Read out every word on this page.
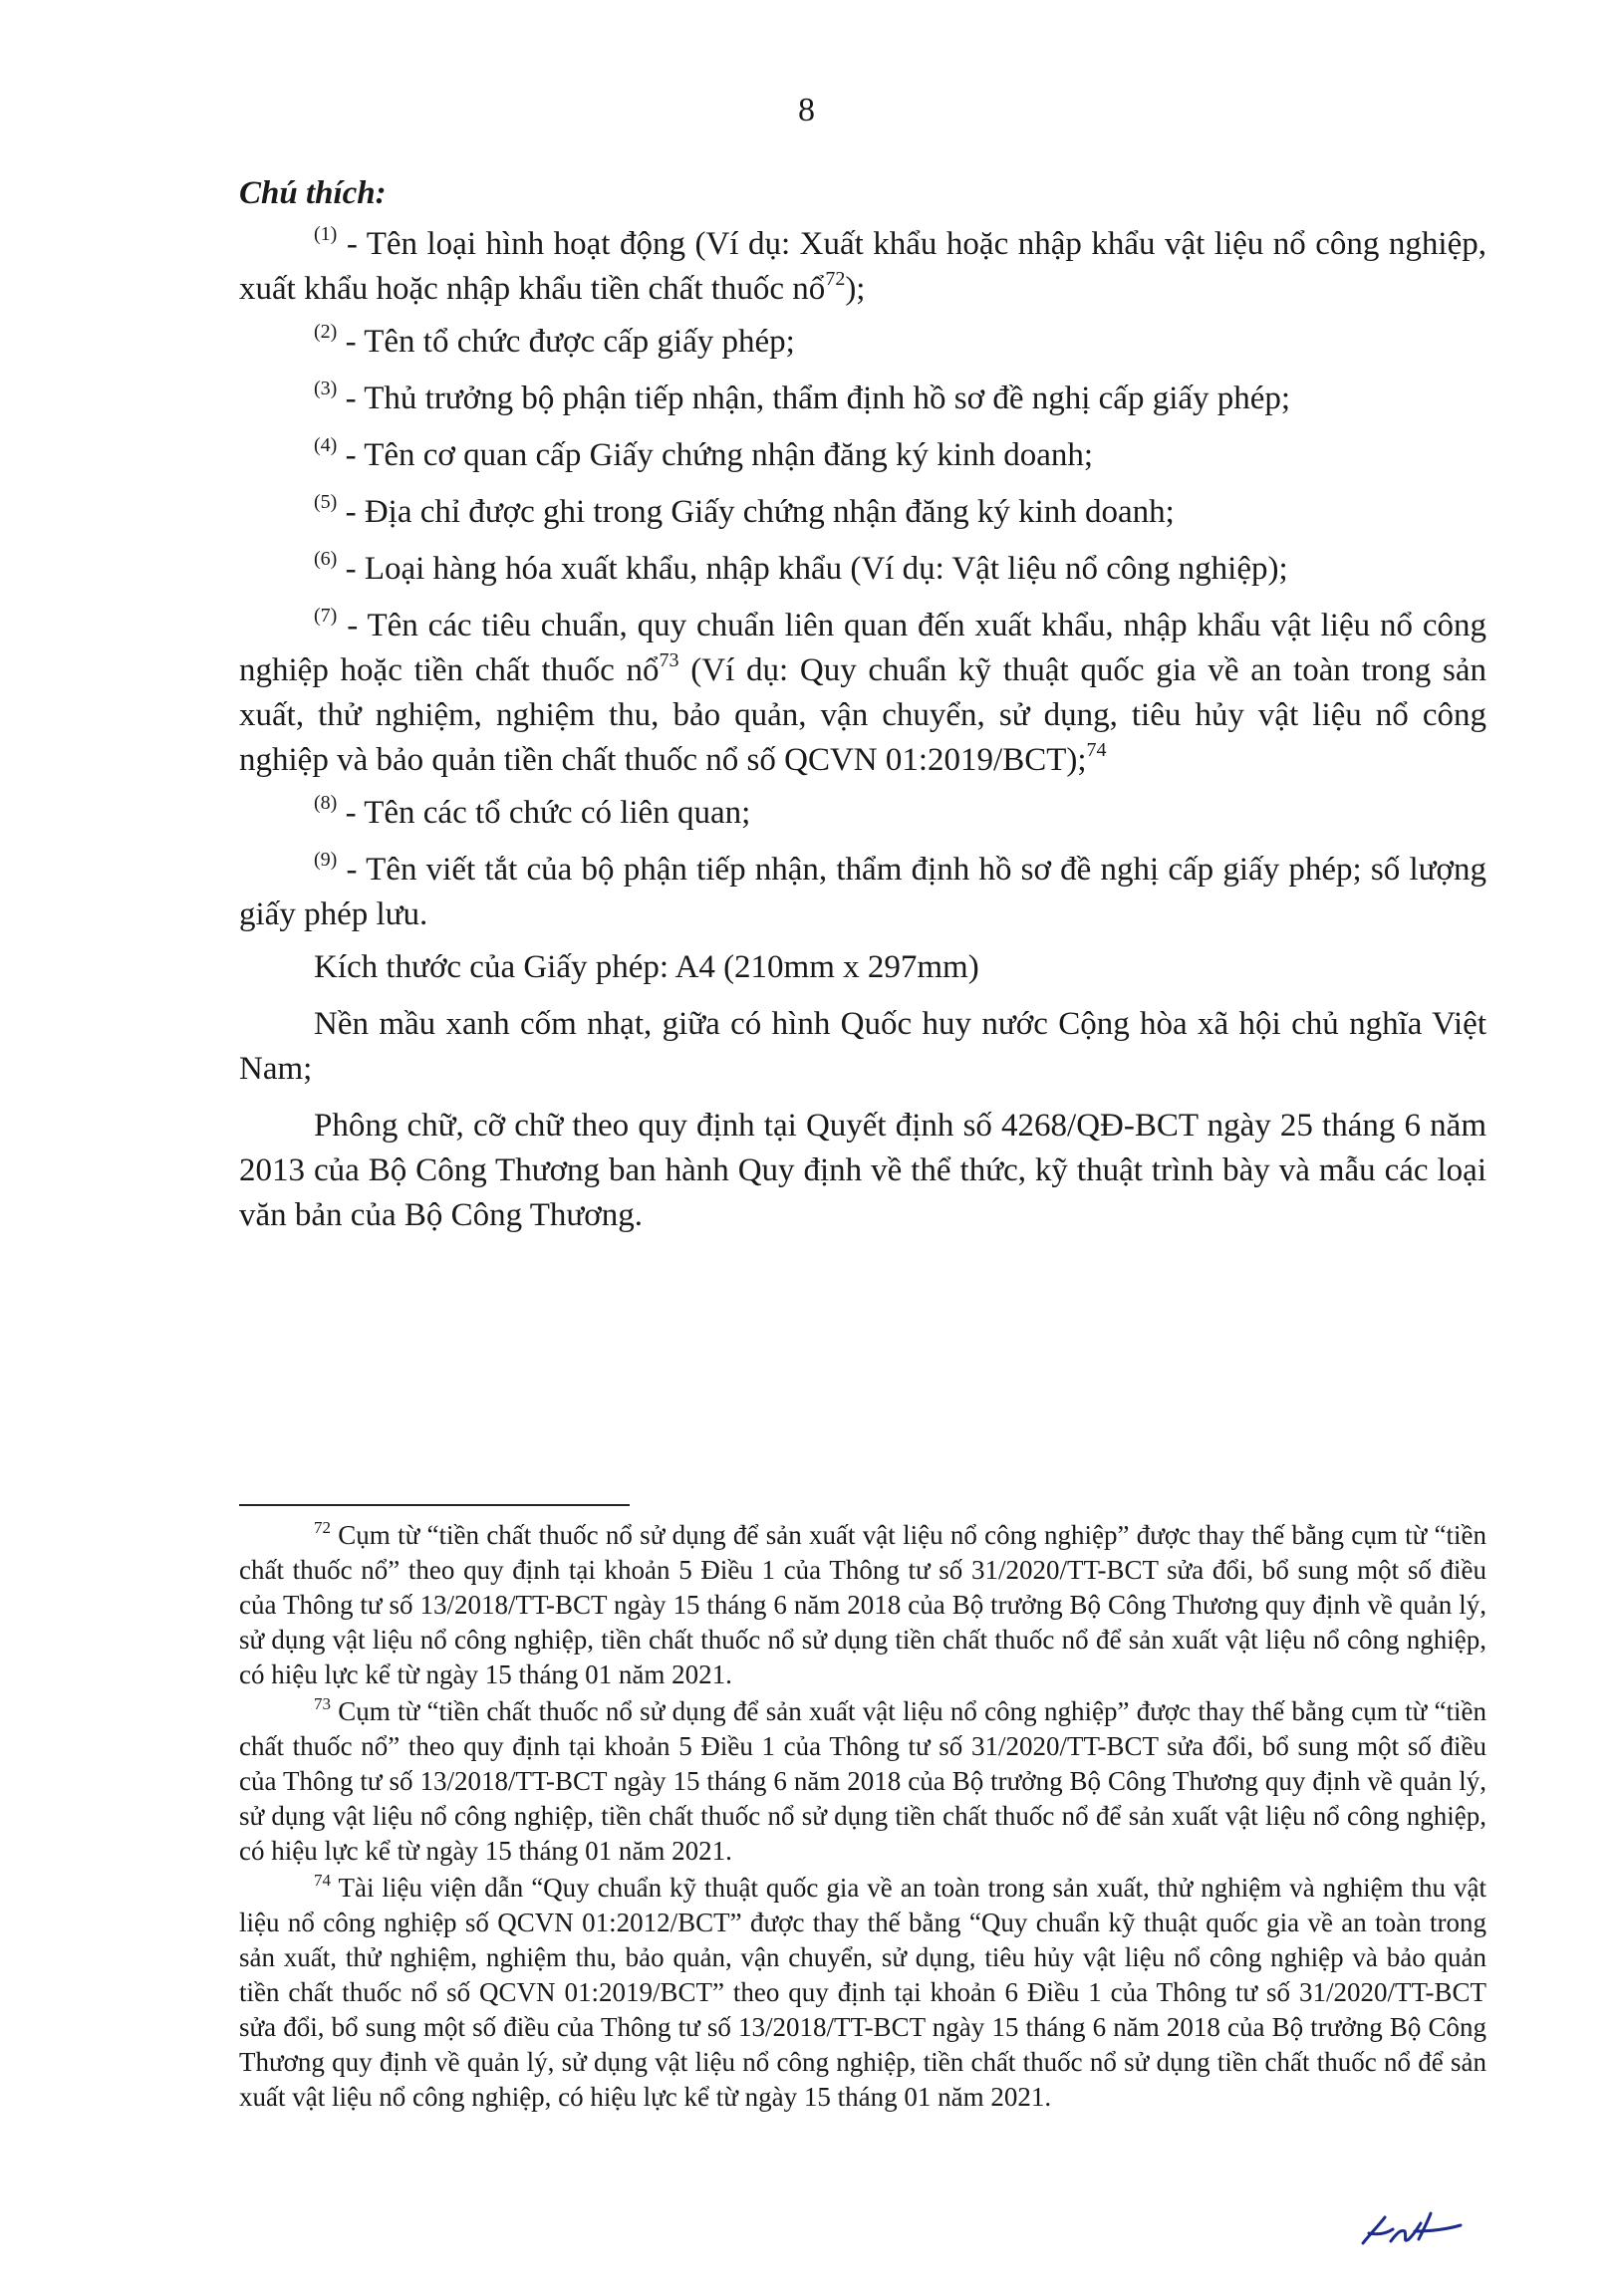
8
Chú thích:
$^{(1)}$ - Tên loại hình hoạt động (Ví dụ: Xuất khẩu hoặc nhập khẩu vật liệu nổ công nghiệp, xuất khẩu hoặc nhập khẩu tiền chất thuốc nổ$^{72}$);
$^{(2)}$ - Tên tổ chức được cấp giấy phép;
$^{(3)}$ - Thủ trưởng bộ phận tiếp nhận, thẩm định hồ sơ đề nghị cấp giấy phép;
$^{(4)}$ - Tên cơ quan cấp Giấy chứng nhận đăng ký kinh doanh;
$^{(5)}$ - Địa chỉ được ghi trong Giấy chứng nhận đăng ký kinh doanh;
$^{(6)}$ - Loại hàng hóa xuất khẩu, nhập khẩu (Ví dụ: Vật liệu nổ công nghiệp);
$^{(7)}$ - Tên các tiêu chuẩn, quy chuẩn liên quan đến xuất khẩu, nhập khẩu vật liệu nổ công nghiệp hoặc tiền chất thuốc nổ$^{73}$ (Ví dụ: Quy chuẩn kỹ thuật quốc gia về an toàn trong sản xuất, thử nghiệm, nghiệm thu, bảo quản, vận chuyển, sử dụng, tiêu hủy vật liệu nổ công nghiệp và bảo quản tiền chất thuốc nổ số QCVN 01:2019/BCT);$^{74}$
$^{(8)}$ - Tên các tổ chức có liên quan;
$^{(9)}$ - Tên viết tắt của bộ phận tiếp nhận, thẩm định hồ sơ đề nghị cấp giấy phép; số lượng giấy phép lưu.
Kích thước của Giấy phép: A4 (210mm x 297mm)
Nền mầu xanh cốm nhạt, giữa có hình Quốc huy nước Cộng hòa xã hội chủ nghĩa Việt Nam;
Phông chữ, cỡ chữ theo quy định tại Quyết định số 4268/QĐ-BCT ngày 25 tháng 6 năm 2013 của Bộ Công Thương ban hành Quy định về thể thức, kỹ thuật trình bày và mẫu các loại văn bản của Bộ Công Thương.
$^{72}$ Cụm từ “tiền chất thuốc nổ sử dụng để sản xuất vật liệu nổ công nghiệp” được thay thế bằng cụm từ “tiền chất thuốc nổ” theo quy định tại khoản 5 Điều 1 của Thông tư số 31/2020/TT-BCT sửa đổi, bổ sung một số điều của Thông tư số 13/2018/TT-BCT ngày 15 tháng 6 năm 2018 của Bộ trưởng Bộ Công Thương quy định về quản lý, sử dụng vật liệu nổ công nghiệp, tiền chất thuốc nổ sử dụng tiền chất thuốc nổ để sản xuất vật liệu nổ công nghiệp, có hiệu lực kể từ ngày 15 tháng 01 năm 2021.
$^{73}$ Cụm từ “tiền chất thuốc nổ sử dụng để sản xuất vật liệu nổ công nghiệp” được thay thế bằng cụm từ “tiền chất thuốc nổ” theo quy định tại khoản 5 Điều 1 của Thông tư số 31/2020/TT-BCT sửa đổi, bổ sung một số điều của Thông tư số 13/2018/TT-BCT ngày 15 tháng 6 năm 2018 của Bộ trưởng Bộ Công Thương quy định về quản lý, sử dụng vật liệu nổ công nghiệp, tiền chất thuốc nổ sử dụng tiền chất thuốc nổ để sản xuất vật liệu nổ công nghiệp, có hiệu lực kể từ ngày 15 tháng 01 năm 2021.
$^{74}$ Tài liệu viện dẫn “Quy chuẩn kỹ thuật quốc gia về an toàn trong sản xuất, thử nghiệm và nghiệm thu vật liệu nổ công nghiệp số QCVN 01:2012/BCT” được thay thế bằng “Quy chuẩn kỹ thuật quốc gia về an toàn trong sản xuất, thử nghiệm, nghiệm thu, bảo quản, vận chuyển, sử dụng, tiêu hủy vật liệu nổ công nghiệp và bảo quản tiền chất thuốc nổ số QCVN 01:2019/BCT” theo quy định tại khoản 6 Điều 1 của Thông tư số 31/2020/TT-BCT sửa đổi, bổ sung một số điều của Thông tư số 13/2018/TT-BCT ngày 15 tháng 6 năm 2018 của Bộ trưởng Bộ Công Thương quy định về quản lý, sử dụng vật liệu nổ công nghiệp, tiền chất thuốc nổ sử dụng tiền chất thuốc nổ để sản xuất vật liệu nổ công nghiệp, có hiệu lực kể từ ngày 15 tháng 01 năm 2021.
